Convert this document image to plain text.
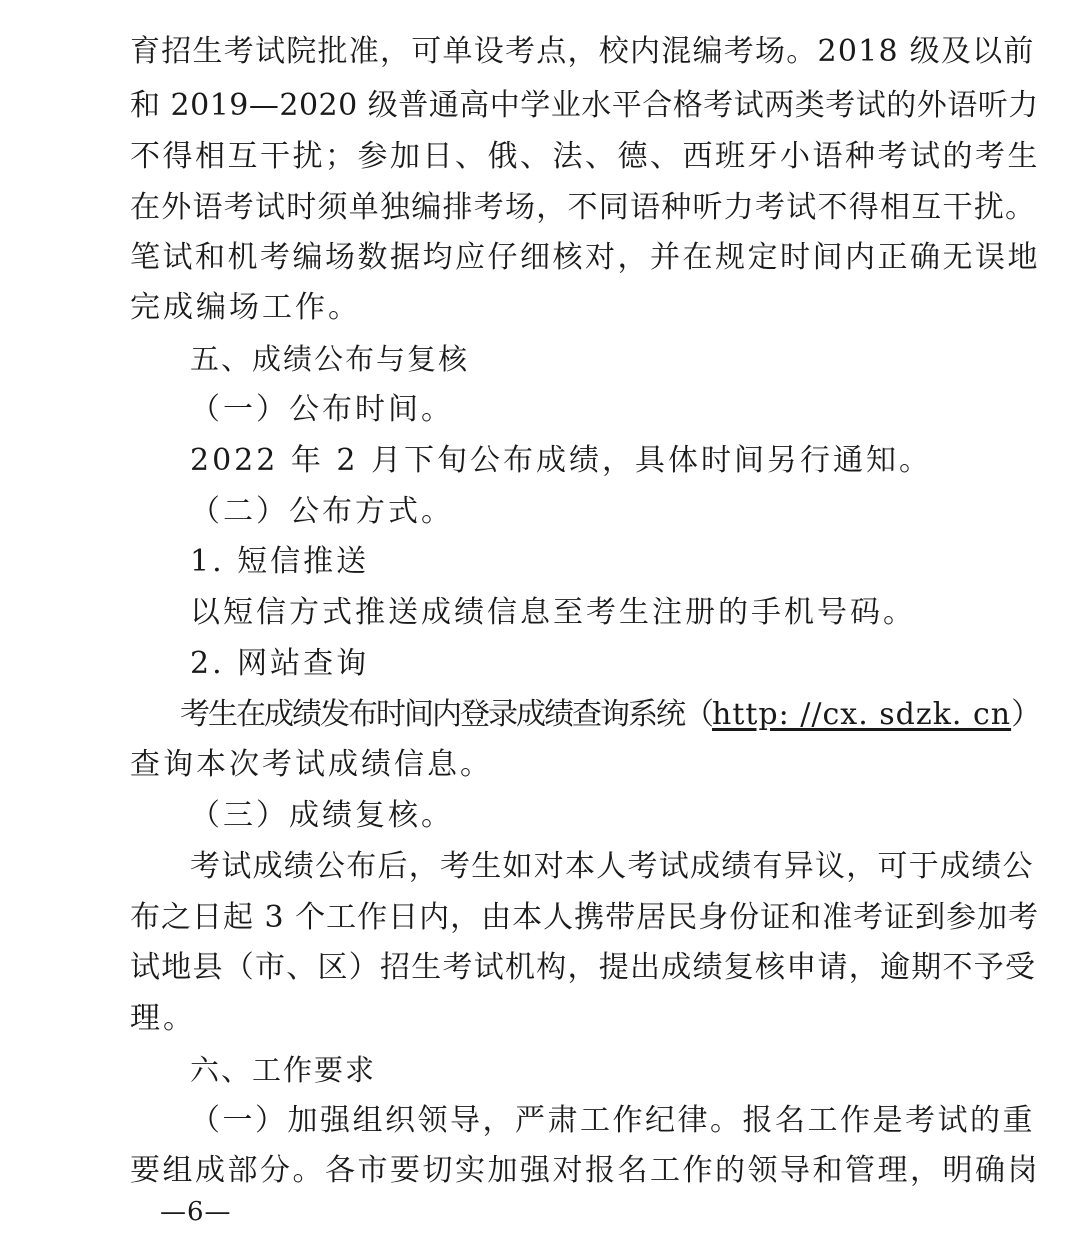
育招生考试院批准，可单设考点，校内混编考场。2018 级及以前
和 2019—2020 级普通高中学业水平合格考试两类考试的外语听力
不得相互干扰；参加日、俄、法、德、西班牙小语种考试的考生
在外语考试时须单独编排考场，不同语种听力考试不得相互干扰。
笔试和机考编场数据均应仔细核对，并在规定时间内正确无误地
完成编场工作。
五、成绩公布与复核
（一）公布时间。
2022 年 2 月下旬公布成绩，具体时间另行通知。
（二）公布方式。
1. 短信推送
以短信方式推送成绩信息至考生注册的手机号码。
2. 网站查询
考生在成绩发布时间内登录成绩查询系统（http: //cx. sdzk. cn）
查询本次考试成绩信息。
（三）成绩复核。
考试成绩公布后，考生如对本人考试成绩有异议，可于成绩公
布之日起 3 个工作日内，由本人携带居民身份证和准考证到参加考
试地县（市、区）招生考试机构，提出成绩复核申请，逾期不予受
理。
六、工作要求
（一）加强组织领导，严肃工作纪律。报名工作是考试的重
要组成部分。各市要切实加强对报名工作的领导和管理，明确岗
—6—
